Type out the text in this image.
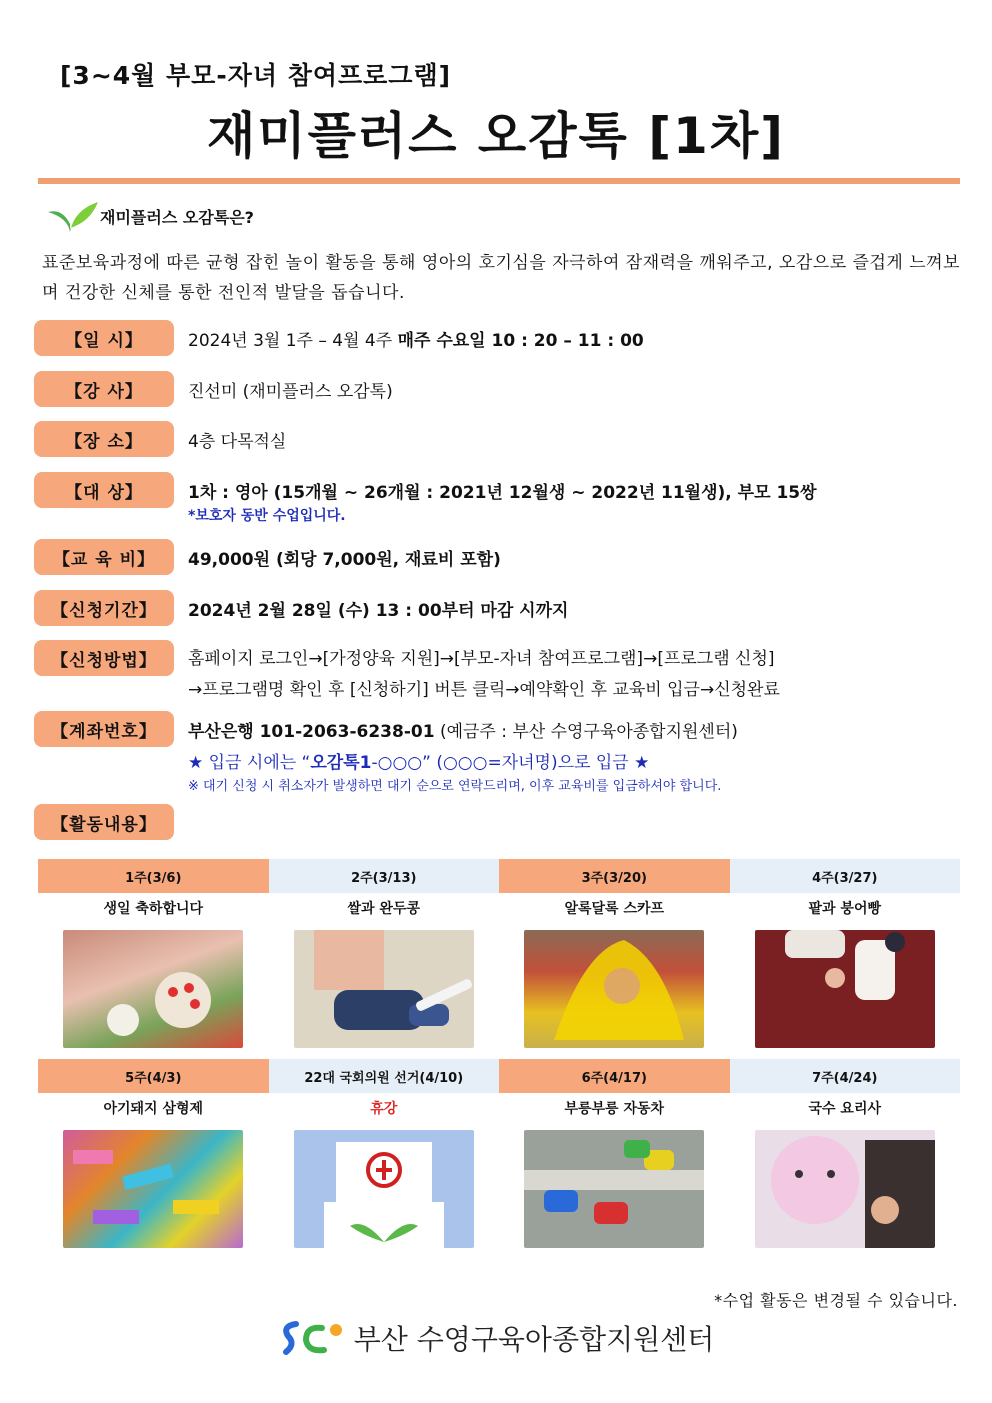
[3~4월 부모-자녀 참여프로그램]
재미플러스 오감톡 [1차]
재미플러스 오감톡은?
표준보육과정에 따른 균형 잡힌 놀이 활동을 통해 영아의 호기심을 자극하여 잠재력을 깨워주고, 오감으로 즐겁게 느껴보며 건강한 신체를 통한 전인적 발달을 돕습니다.
【일 시】	2024년 3월 1주 – 4월 4주 매주 수요일 10 : 20 – 11 : 00
【강 사】	진선미 (재미플러스 오감톡)
【장 소】	4층 다목적실
【대 상】	1차 : 영아 (15개월 ~ 26개월 : 2021년 12월생 ~ 2022년 11월생), 부모 15쌍
*보호자 동반 수업입니다.
【교 육 비】	49,000원 (회당 7,000원, 재료비 포함)
【신청기간】	2024년 2월 28일 (수) 13 : 00부터 마감 시까지
【신청방법】	홈페이지 로그인→[가정양육 지원]→[부모-자녀 참여프로그램]→[프로그램 신청]
→프로그램명 확인 후 [신청하기] 버튼 클릭→예약확인 후 교육비 입금→신청완료
【계좌번호】	부산은행 101-2063-6238-01 (예금주 : 부산 수영구육아종합지원센터)
★ 입금 시에는 “오감톡1-○○○” (○○○=자녀명)으로 입금 ★
※ 대기 신청 시 취소자가 발생하면 대기 순으로 연락드리며, 이후 교육비를 입금하셔야 합니다.
【활동내용】
1주(3/6)	2주(3/13)	3주(3/20)	4주(3/27)
생일 축하합니다	쌀과 완두콩	알록달록 스카프	팥과 붕어빵

5주(4/3)	22대 국회의원 선거(4/10)	6주(4/17)	7주(4/24)
아기돼지 삼형제	휴강	부릉부릉 자동차	국수 요리사

*수업 활동은 변경될 수 있습니다.
부산 수영구육아종합지원센터
